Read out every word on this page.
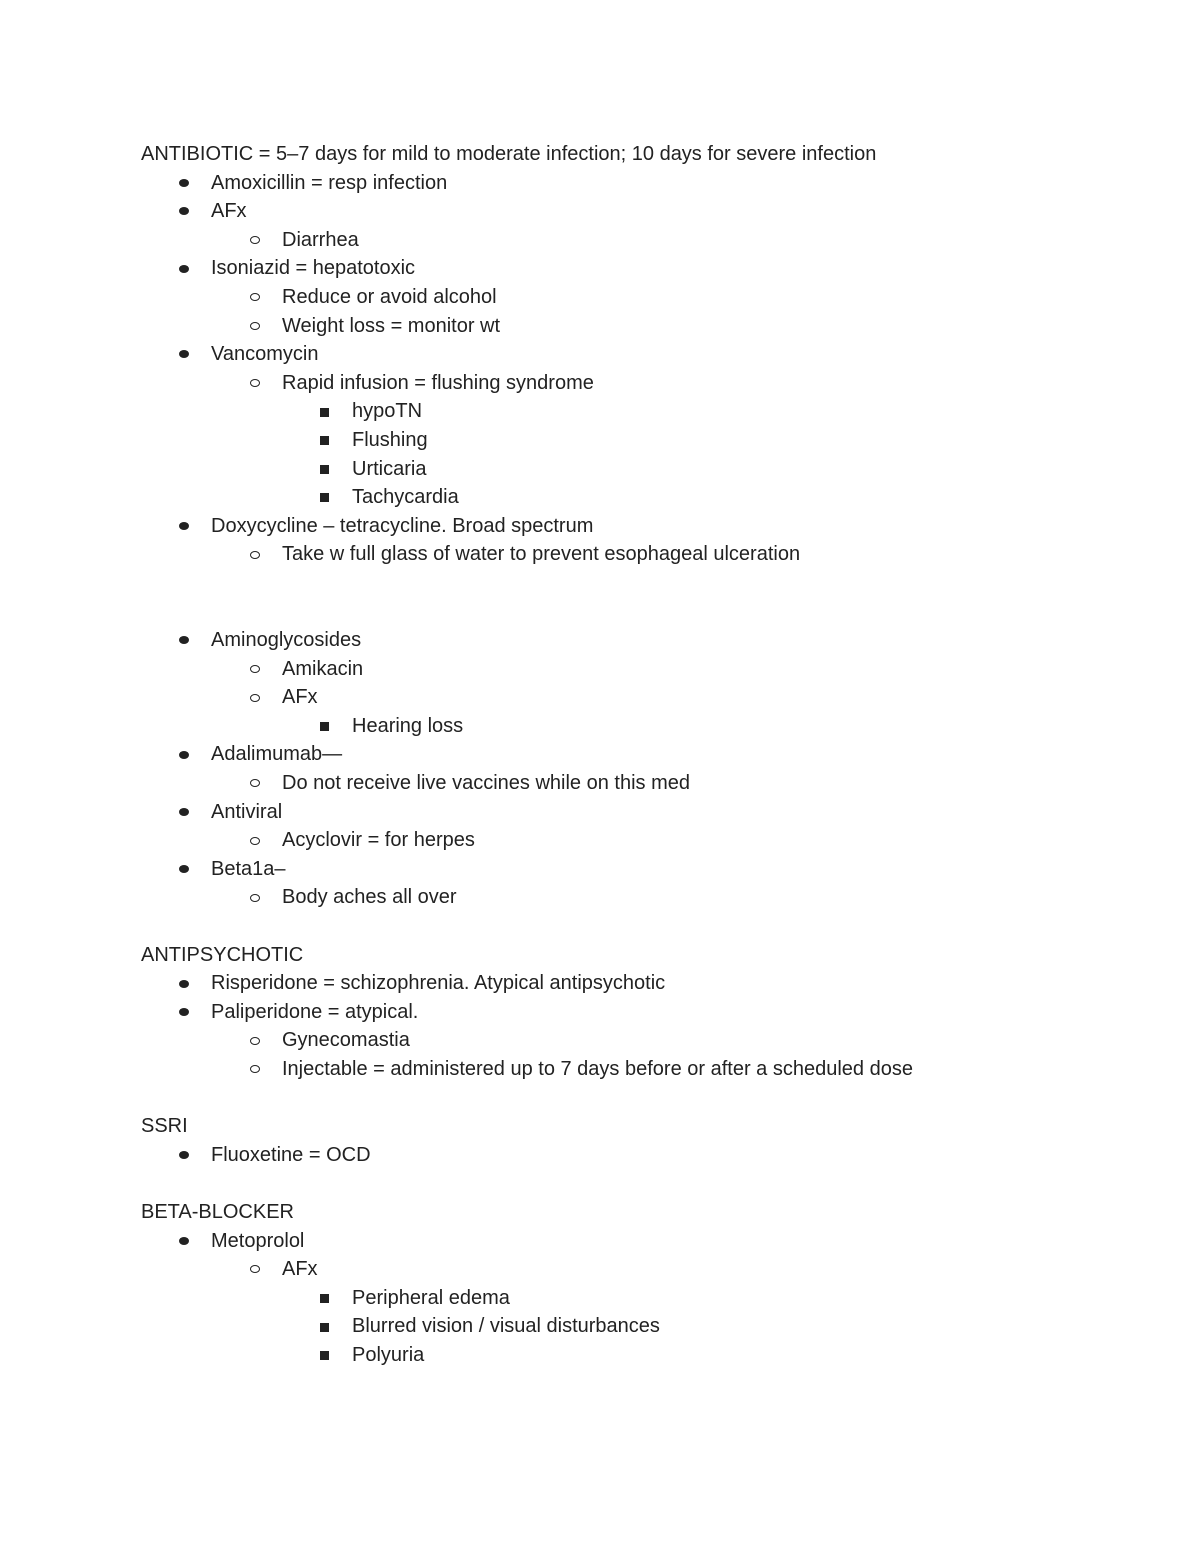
ANTIBIOTIC = 5–7 days for mild to moderate infection; 10 days for severe infection
Amoxicillin = resp infection
AFx
Diarrhea
Isoniazid = hepatotoxic
Reduce or avoid alcohol
Weight loss = monitor wt
Vancomycin
Rapid infusion = flushing syndrome
hypoTN
Flushing
Urticaria
Tachycardia
Doxycycline – tetracycline. Broad spectrum
Take w full glass of water to prevent esophageal ulceration
Aminoglycosides
Amikacin
AFx
Hearing loss
Adalimumab—
Do not receive live vaccines while on this med
Antiviral
Acyclovir = for herpes
Beta1a–
Body aches all over
ANTIPSYCHOTIC
Risperidone = schizophrenia. Atypical antipsychotic
Paliperidone = atypical.
Gynecomastia
Injectable = administered up to 7 days before or after a scheduled dose
SSRI
Fluoxetine = OCD
BETA-BLOCKER
Metoprolol
AFx
Peripheral edema
Blurred vision / visual disturbances
Polyuria
